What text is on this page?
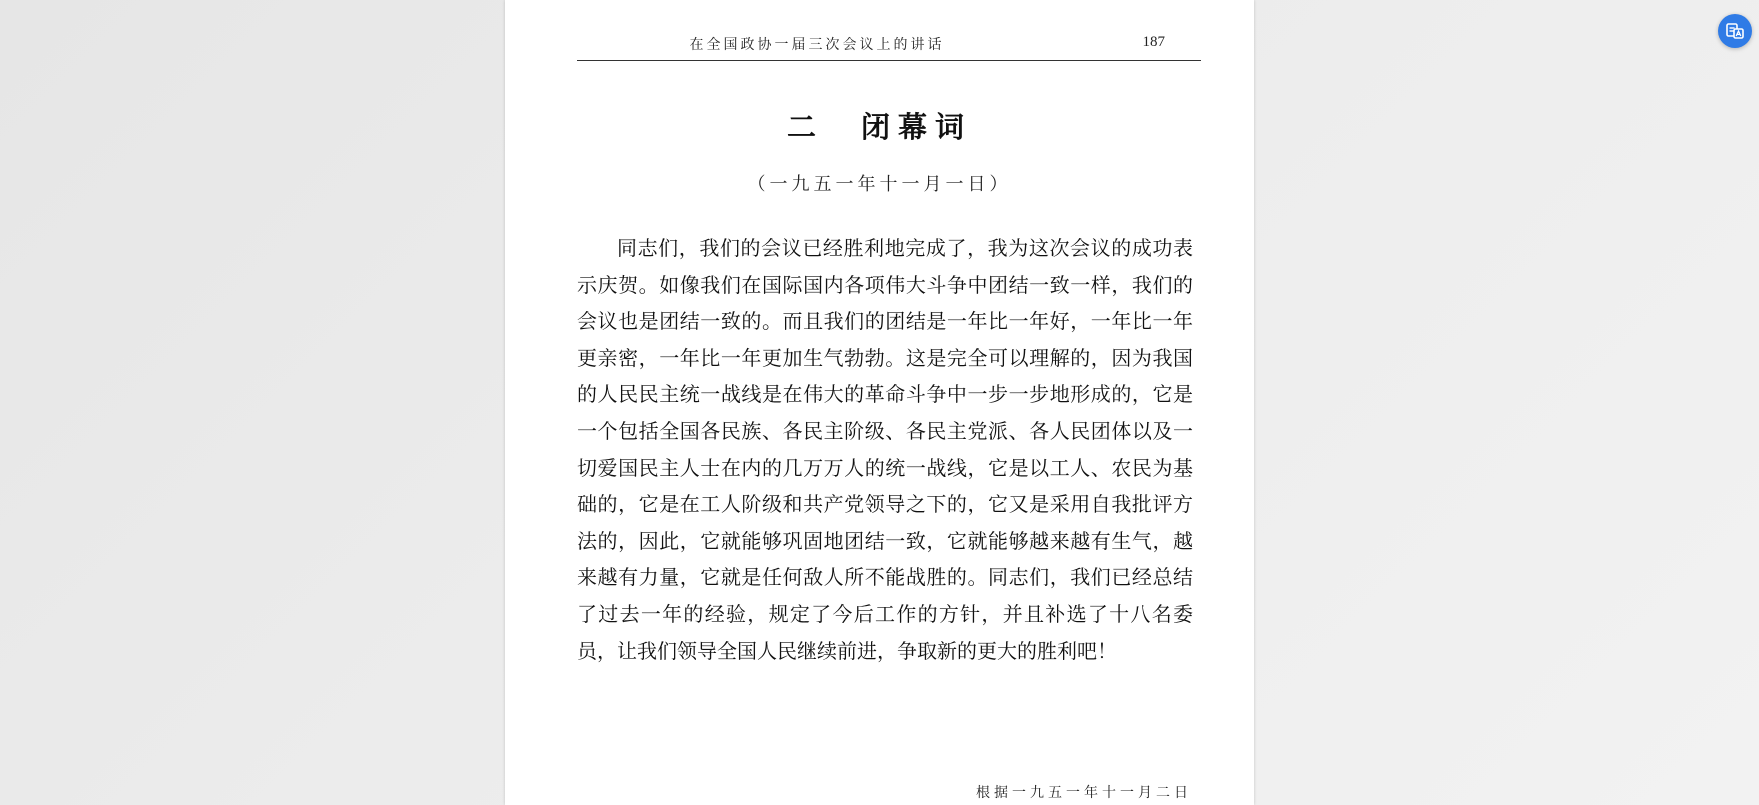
在全国政协一届三次会议上的讲话	187
二　闭幕词
（一九五一年十一月一日）

同志们，我们的会议已经胜利地完成了，我为这次会议的成功表示庆贺。如像我们在国际国内各项伟大斗争中团结一致一样，我们的会议也是团结一致的。而且我们的团结是一年比一年好，一年比一年更亲密，一年比一年更加生气勃勃。这是完全可以理解的，因为我国的人民民主统一战线是在伟大的革命斗争中一步一步地形成的，它是一个包括全国各民族、各民主阶级、各民主党派、各人民团体以及一切爱国民主人士在内的几万万人的统一战线，它是以工人、农民为基础的，它是在工人阶级和共产党领导之下的，它又是采用自我批评方法的，因此，它就能够巩固地团结一致，它就能够越来越有生气，越来越有力量，它就是任何敌人所不能战胜的。同志们，我们已经总结了过去一年的经验，规定了今后工作的方针，并且补选了十八名委员，让我们领导全国人民继续前进，争取新的更大的胜利吧！

根据一九五一年十一月二日
